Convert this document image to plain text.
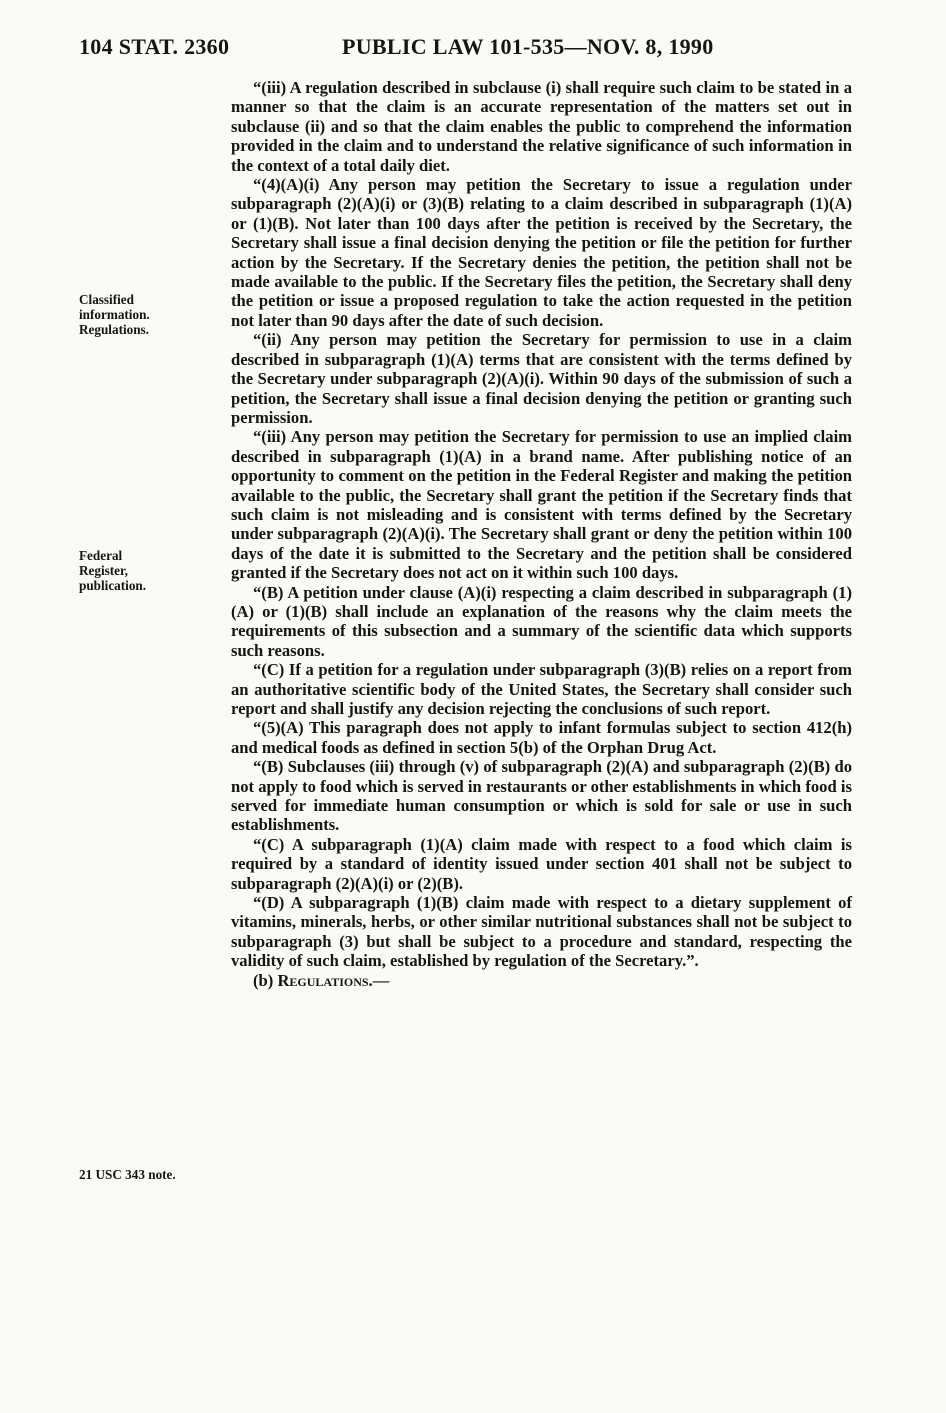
104 STAT. 2360	PUBLIC LAW 101-535—NOV. 8, 1990
Classified
information.
Regulations.
Federal
Register,
publication.
21 USC 343 note.

“(iii) A regulation described in subclause (i) shall require such claim to be stated in a manner so that the claim is an accurate representation of the matters set out in subclause (ii) and so that the claim enables the public to comprehend the information provided in the claim and to understand the relative significance of such information in the context of a total daily diet.

“(4)(A)(i) Any person may petition the Secretary to issue a regulation under subparagraph (2)(A)(i) or (3)(B) relating to a claim described in subparagraph (1)(A) or (1)(B). Not later than 100 days after the petition is received by the Secretary, the Secretary shall issue a final decision denying the petition or file the petition for further action by the Secretary. If the Secretary denies the petition, the petition shall not be made available to the public. If the Secretary files the petition, the Secretary shall deny the petition or issue a proposed regulation to take the action requested in the petition not later than 90 days after the date of such decision.

“(ii) Any person may petition the Secretary for permission to use in a claim described in subparagraph (1)(A) terms that are consistent with the terms defined by the Secretary under subparagraph (2)(A)(i). Within 90 days of the submission of such a petition, the Secretary shall issue a final decision denying the petition or granting such permission.

“(iii) Any person may petition the Secretary for permission to use an implied claim described in subparagraph (1)(A) in a brand name. After publishing notice of an opportunity to comment on the petition in the Federal Register and making the petition available to the public, the Secretary shall grant the petition if the Secretary finds that such claim is not misleading and is consistent with terms defined by the Secretary under subparagraph (2)(A)(i). The Secretary shall grant or deny the petition within 100 days of the date it is submitted to the Secretary and the petition shall be considered granted if the Secretary does not act on it within such 100 days.

“(B) A petition under clause (A)(i) respecting a claim described in subparagraph (1)(A) or (1)(B) shall include an explanation of the reasons why the claim meets the requirements of this subsection and a summary of the scientific data which supports such reasons.

“(C) If a petition for a regulation under subparagraph (3)(B) relies on a report from an authoritative scientific body of the United States, the Secretary shall consider such report and shall justify any decision rejecting the conclusions of such report.

“(5)(A) This paragraph does not apply to infant formulas subject to section 412(h) and medical foods as defined in section 5(b) of the Orphan Drug Act.

“(B) Subclauses (iii) through (v) of subparagraph (2)(A) and subparagraph (2)(B) do not apply to food which is served in restaurants or other establishments in which food is served for immediate human consumption or which is sold for sale or use in such establishments.

“(C) A subparagraph (1)(A) claim made with respect to a food which claim is required by a standard of identity issued under section 401 shall not be subject to subparagraph (2)(A)(i) or (2)(B).

“(D) A subparagraph (1)(B) claim made with respect to a dietary supplement of vitamins, minerals, herbs, or other similar nutritional substances shall not be subject to subparagraph (3) but shall be subject to a procedure and standard, respecting the validity of such claim, established by regulation of the Secretary.”.

(b) Regulations.—
